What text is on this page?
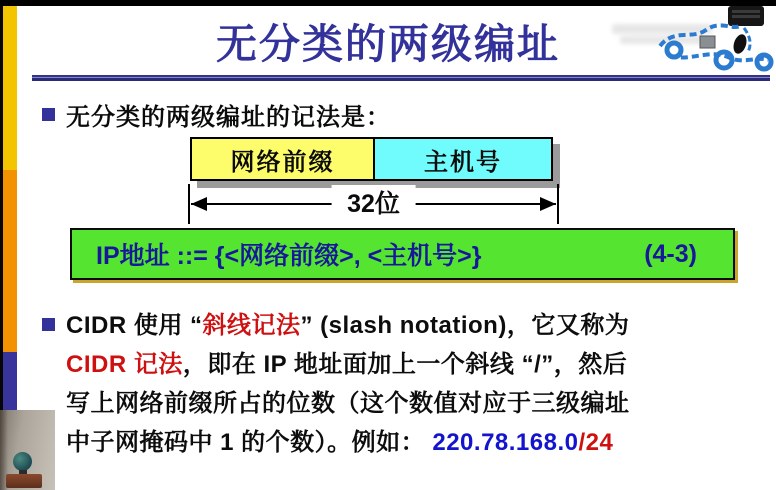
无分类的两级编址
无分类的两级编址的记法是：
网络前缀	主机号
32位
IP地址 ::= {<网络前缀>, <主机号>}	(4-3)
CIDR 使用 “斜线记法” (slash notation)，它又称为
CIDR 记法，即在 IP 地址面加上一个斜线 “/”，然后
写上网络前缀所占的位数（这个数值对应于三级编址
中子网掩码中 1 的个数）。例如： 220.78.168.0/24
